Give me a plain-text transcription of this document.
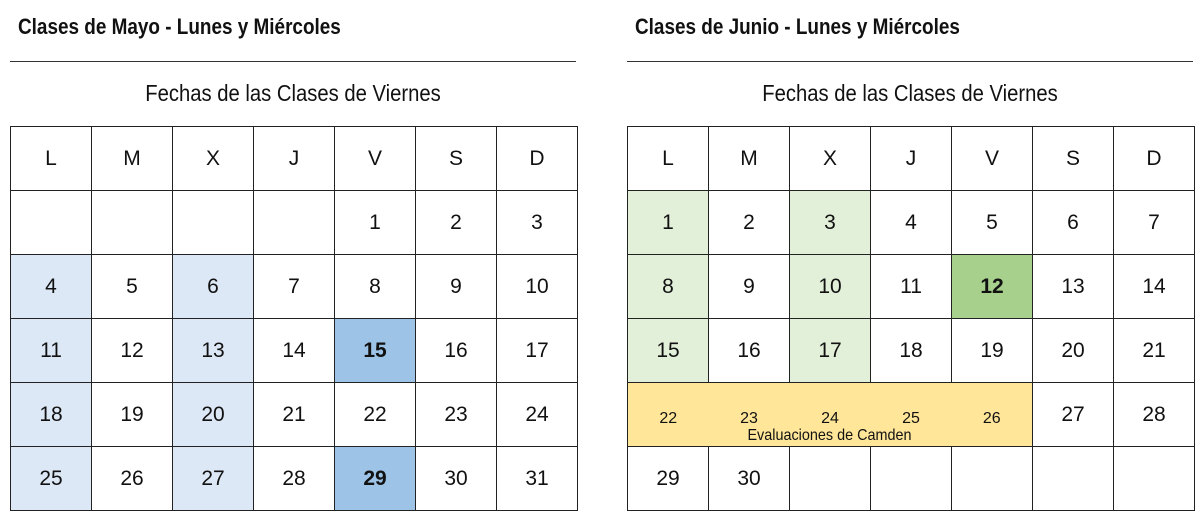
Clases de Mayo - Lunes y Miércoles
Fechas de las Clases de Viernes
L	M	X	J	V	S	D
				1	2	3
4	5	6	7	8	9	10
11	12	13	14	15	16	17
18	19	20	21	22	23	24
25	26	27	28	29	30	31
Clases de Junio - Lunes y Miércoles
Fechas de las Clases de Viernes
L	M	X	J	V	S	D
1	2	3	4	5	6	7
8	9	10	11	12	13	14
15	16	17	18	19	20	21

22	23	24	25	26	27	28
29	30					
Evaluaciones de Camden
